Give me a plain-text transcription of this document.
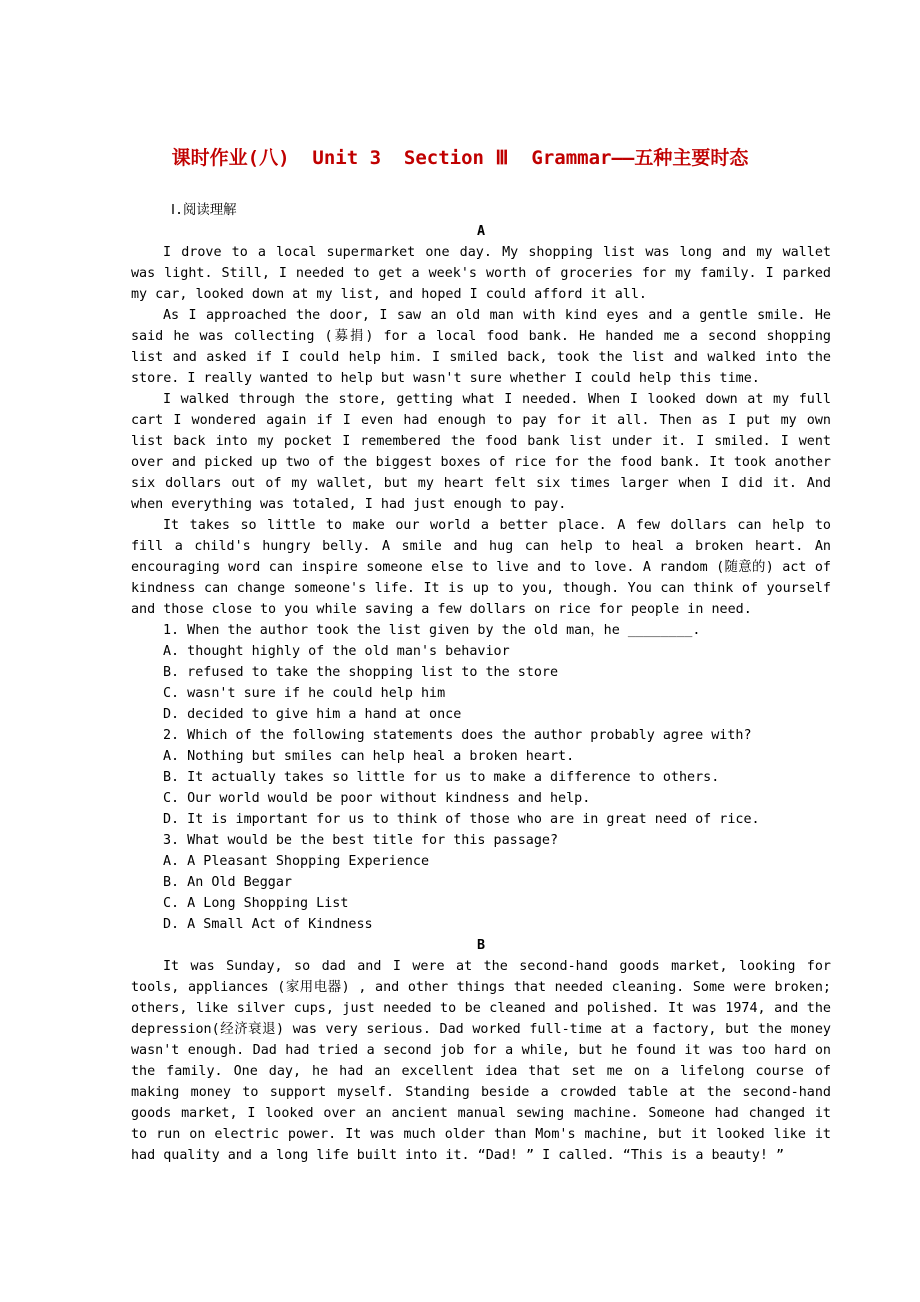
课时作业(八)  Unit 3  Section Ⅲ  Grammar——五种主要时态
Ⅰ.阅读理解
A

I drove to a local supermarket one day. My shopping list was long and my wallet was light. Still, I needed to get a week's worth of groceries for my family. I parked my car, looked down at my list, and hoped I could afford it all.

As I approached the door, I saw an old man with kind eyes and a gentle smile. He said he was collecting (募捐) for a local food bank. He handed me a second shopping list and asked if I could help him. I smiled back, took the list and walked into the store. I really wanted to help but wasn't sure whether I could help this time.

I walked through the store, getting what I needed. When I looked down at my full cart I wondered again if I even had enough to pay for it all. Then as I put my own list back into my pocket I remembered the food bank list under it. I smiled. I went over and picked up two of the biggest boxes of rice for the food bank. It took another six dollars out of my wallet, but my heart felt six times larger when I did it. And when everything was totaled, I had just enough to pay.

It takes so little to make our world a better place. A few dollars can help to fill a child's hungry belly. A smile and hug can help to heal a broken heart. An encouraging word can inspire someone else to live and to love. A random (随意的) act of kindness can change someone's life. It is up to you, though. You can think of yourself and those close to you while saving a few dollars on rice for people in need.

1. When the author took the list given by the old man，he ________.
A. thought highly of the old man's behavior
B. refused to take the shopping list to the store
C. wasn't sure if he could help him
D. decided to give him a hand at once
2. Which of the following statements does the author probably agree with?
A. Nothing but smiles can help heal a broken heart.
B. It actually takes so little for us to make a difference to others.
C. Our world would be poor without kindness and help.
D. It is important for us to think of those who are in great need of rice.
3. What would be the best title for this passage?
A. A Pleasant Shopping Experience
B. An Old Beggar
C. A Long Shopping List
D. A Small Act of Kindness
B

It was Sunday, so dad and I were at the second-hand goods market, looking for tools, appliances (家用电器) , and other things that needed cleaning. Some were broken; others, like silver cups, just needed to be cleaned and polished. It was 1974, and the depression(经济衰退) was very serious. Dad worked full-time at a factory, but the money wasn't enough. Dad had tried a second job for a while, but he found it was too hard on the family. One day, he had an excellent idea that set me on a lifelong course of making money to support myself. Standing beside a crowded table at the second-hand goods market, I looked over an ancient manual sewing machine. Someone had changed it to run on electric power. It was much older than Mom's machine, but it looked like it had quality and a long life built into it. “Dad! ” I called. “This is a beauty! ”
